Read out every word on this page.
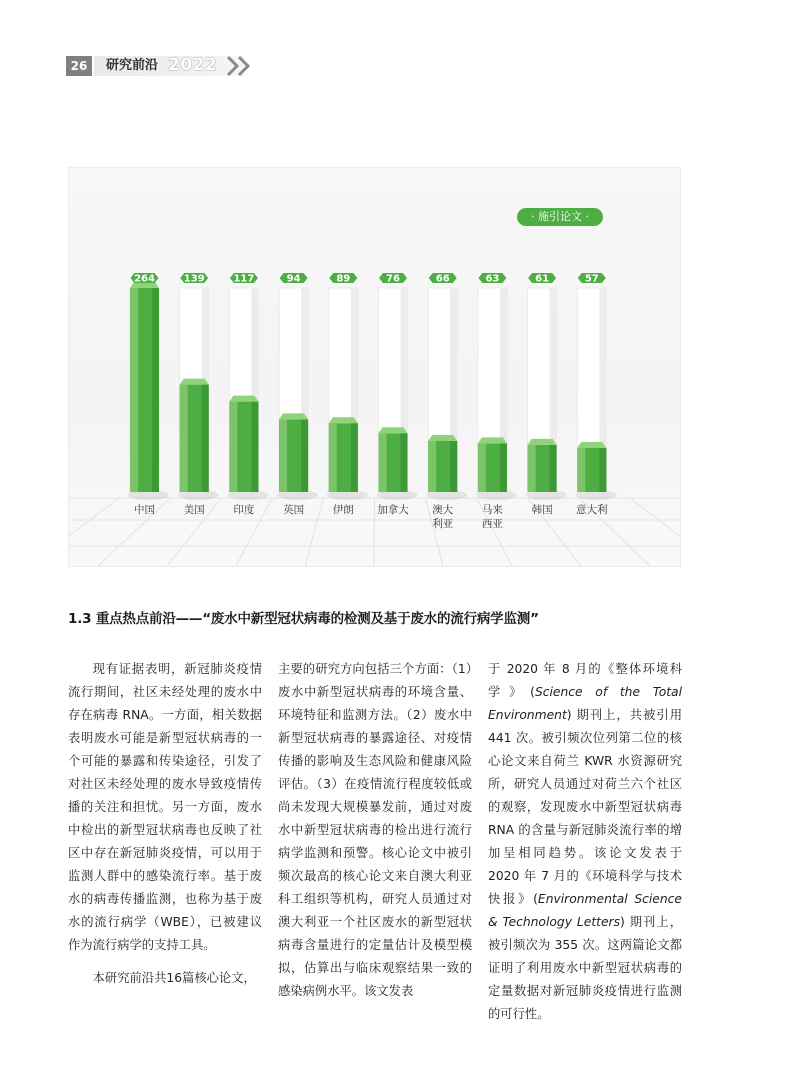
26	研究前沿 2022
264
中国
139
美国
117
印度
94
英国
89
伊朗
76
加拿大
66
澳大
利亚
63
马来
西亚
61
韩国
57
意大利
· 施引论文 ·
1.3 重点热点前沿——“废水中新型冠状病毒的检测及基于废水的流行病学监测”

现有证据表明，新冠肺炎疫情流行期间，社区未经处理的废水中存在病毒 RNA。一方面，相关数据表明废水可能是新型冠状病毒的一个可能的暴露和传染途径，引发了对社区未经处理的废水导致疫情传播的关注和担忧。另一方面，废水中检出的新型冠状病毒也反映了社区中存在新冠肺炎疫情，可以用于监测人群中的感染流行率。基于废水的病毒传播监测，也称为基于废水的流行病学（WBE），已被建议作为流行病学的支持工具。

本研究前沿共16篇核心论文，

主要的研究方向包括三个方面：（1）废水中新型冠状病毒的环境含量、环境特征和监测方法。（2）废水中新型冠状病毒的暴露途径、对疫情传播的影响及生态风险和健康风险评估。（3）在疫情流行程度较低或尚未发现大规模暴发前，通过对废水中新型冠状病毒的检出进行流行病学监测和预警。核心论文中被引频次最高的核心论文来自澳大利亚科工组织等机构，研究人员通过对澳大利亚一个社区废水的新型冠状病毒含量进行的定量估计及模型模拟，估算出与临床观察结果一致的感染病例水平。该文发表

于 2020 年 8 月的《整体环境科学》(Science of the Total Environment) 期刊上，共被引用 441 次。被引频次位列第二位的核心论文来自荷兰 KWR 水资源研究所，研究人员通过对荷兰六个社区的观察，发现废水中新型冠状病毒 RNA 的含量与新冠肺炎流行率的增加呈相同趋势。该论文发表于 2020 年 7 月的《环境科学与技术快报》(Environmental Science & Technology Letters) 期刊上，被引频次为 355 次。这两篇论文都证明了利用废水中新型冠状病毒的定量数据对新冠肺炎疫情进行监测的可行性。
